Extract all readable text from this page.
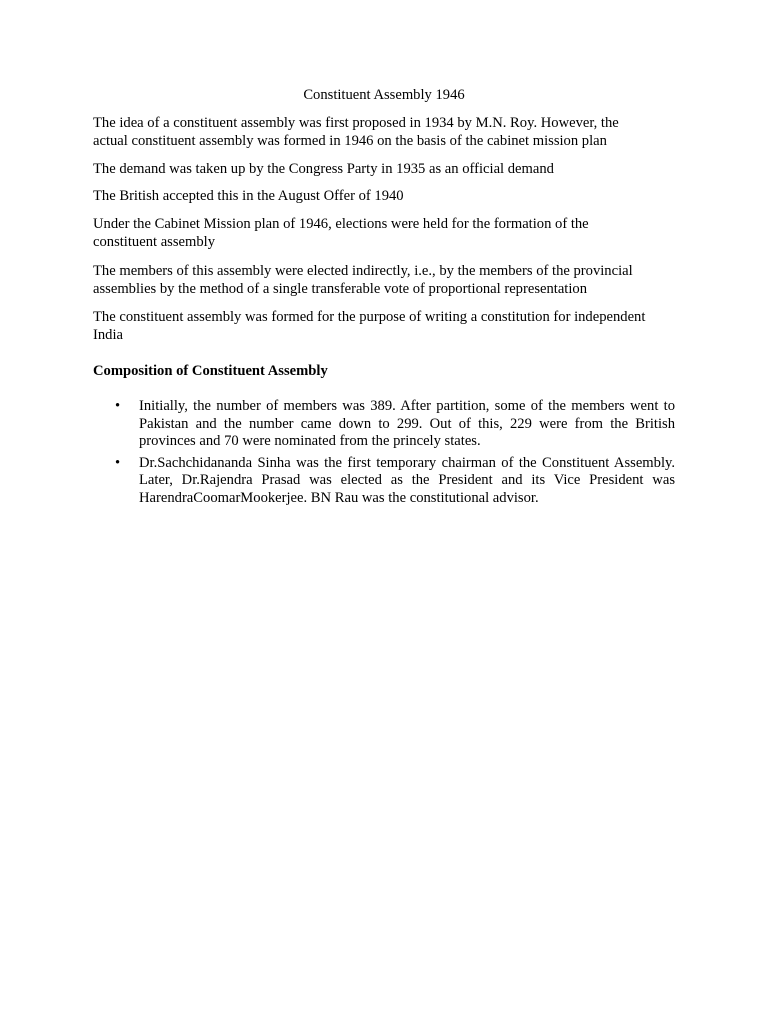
Constituent Assembly 1946

The idea of a constituent assembly was first proposed in 1934 by M.N. Roy. However, the actual constituent assembly was formed in 1946 on the basis of the cabinet mission plan

The demand was taken up by the Congress Party in 1935 as an official demand

The British accepted this in the August Offer of 1940

Under the Cabinet Mission plan of 1946, elections were held for the formation of the constituent assembly

The members of this assembly were elected indirectly, i.e., by the members of the provincial assemblies by the method of a single transferable vote of proportional representation

The constituent assembly was formed for the purpose of writing a constitution for independent India

Composition of Constituent Assembly
• Initially, the number of members was 389. After partition, some of the members went to Pakistan and the number came down to 299. Out of this, 229 were from the British provinces and 70 were nominated from the princely states.
• Dr.Sachchidananda Sinha was the first temporary chairman of the Constituent Assembly. Later, Dr.Rajendra Prasad was elected as the President and its Vice President was HarendraCoomarMookerjee. BN Rau was the constitutional advisor.
